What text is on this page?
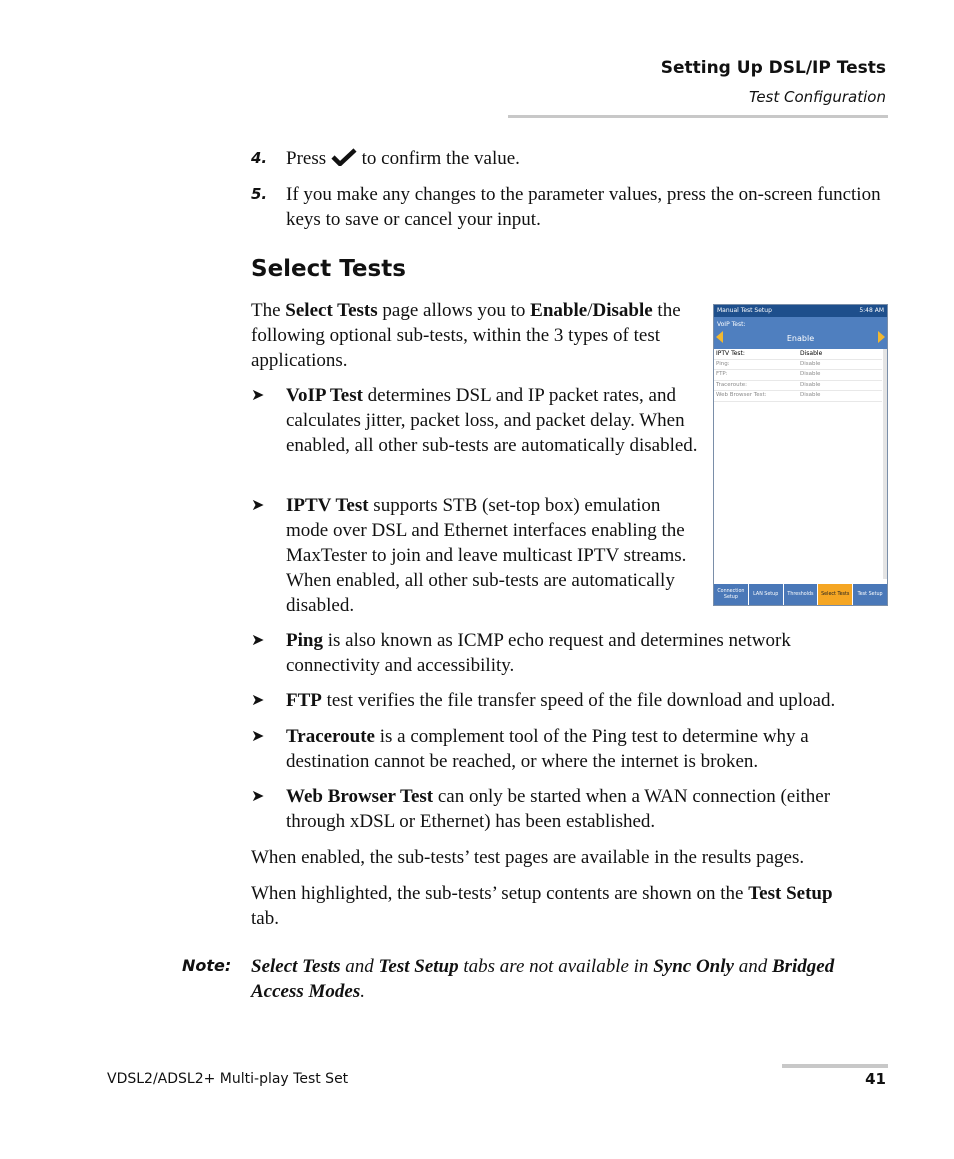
Setting Up DSL/IP Tests
Test Configuration
4. Press to confirm the value.
5. If you make any changes to the parameter values, press the on-screen function keys to save or cancel your input.
Select Tests
The Select Tests page allows you to Enable/Disable the following optional sub-tests, within the 3 types of test applications.
➤ VoIP Test determines DSL and IP packet rates, and calculates jitter, packet loss, and packet delay. When enabled, all other sub-tests are automatically disabled.
➤ IPTV Test supports STB (set-top box) emulation mode over DSL and Ethernet interfaces enabling the MaxTester to join and leave multicast IPTV streams. When enabled, all other sub-tests are automatically disabled.
➤ Ping is also known as ICMP echo request and determines network connectivity and accessibility.
➤ FTP test verifies the file transfer speed of the file download and upload.
➤ Traceroute is a complement tool of the Ping test to determine why a destination cannot be reached, or where the internet is broken.
➤ Web Browser Test can only be started when a WAN connection (either through xDSL or Ethernet) has been established.
When enabled, the sub-tests’ test pages are available in the results pages.
When highlighted, the sub-tests’ setup contents are shown on the Test Setup tab.
Note: Select Tests and Test Setup tabs are not available in Sync Only and Bridged Access Modes.
Manual Test Setup	5:48 AM
VoIP Test:
Enable
IPTV Test:	Disable
Ping:	Disable
FTP:	Disable
Traceroute:	Disable
Web Browser Test:	Disable
Connection Setup
LAN Setup	Thresholds	Select Tests	Test Setup
VDSL2/ADSL2+ Multi-play Test Set	41
